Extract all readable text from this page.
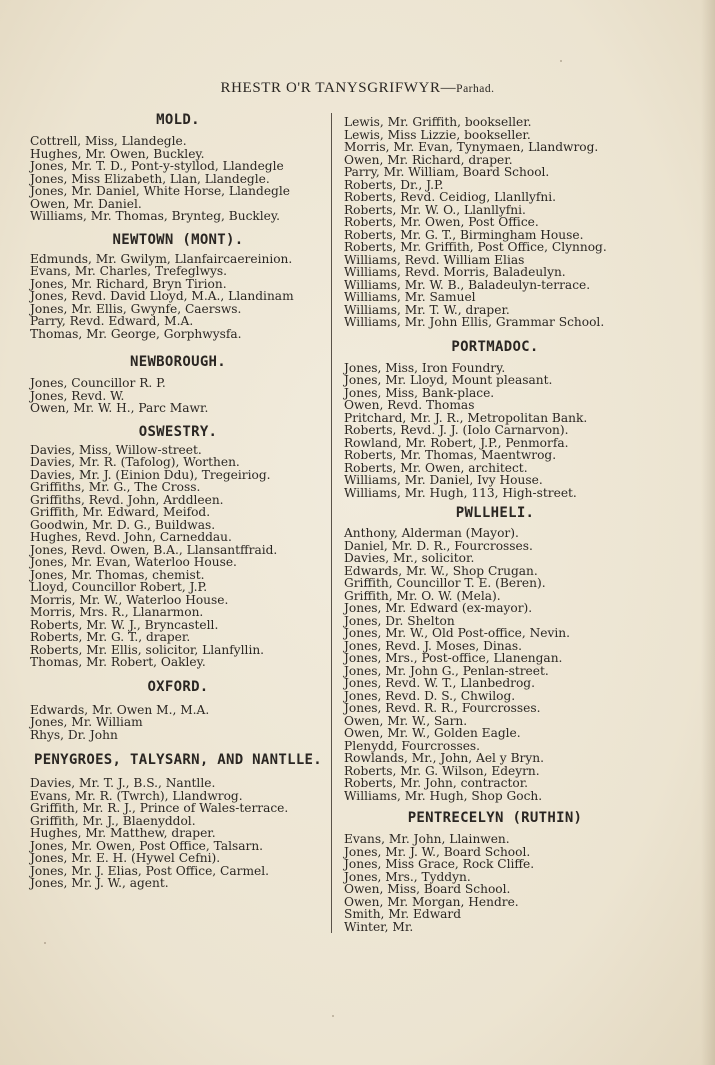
RHESTR O'R TANYSGRIFWYR—Parhad.
MOLD.
Cottrell, Miss, Llandegle.
Hughes, Mr. Owen, Buckley.
Jones, Mr. T. D., Pont-y-styllod, Llandegle
Jones, Miss Elizabeth, Llan, Llandegle.
Jones, Mr. Daniel, White Horse, Llandegle
Owen, Mr. Daniel.
Williams, Mr. Thomas, Brynteg, Buckley.
NEWTOWN (MONT).
Edmunds, Mr. Gwilym, Llanfaircaereinion.
Evans, Mr. Charles, Trefeglwys.
Jones, Mr. Richard, Bryn Tirion.
Jones, Revd. David Lloyd, M.A., Llandinam
Jones, Mr. Ellis, Gwynfe, Caersws.
Parry, Revd. Edward, M.A.
Thomas, Mr. George, Gorphwysfa.
NEWBOROUGH.
Jones, Councillor R. P.
Jones, Revd. W.
Owen, Mr. W. H., Parc Mawr.
OSWESTRY.
Davies, Miss, Willow-street.
Davies, Mr. R. (Tafolog), Worthen.
Davies, Mr. J. (Einion Ddu), Tregeiriog.
Griffiths, Mr. G., The Cross.
Griffiths, Revd. John, Arddleen.
Griffith, Mr. Edward, Meifod.
Goodwin, Mr. D. G., Buildwas.
Hughes, Revd. John, Carneddau.
Jones, Revd. Owen, B.A., Llansantffraid.
Jones, Mr. Evan, Waterloo House.
Jones, Mr. Thomas, chemist.
Lloyd, Councillor Robert, J.P.
Morris, Mr. W., Waterloo House.
Morris, Mrs. R., Llanarmon.
Roberts, Mr. W. J., Bryncastell.
Roberts, Mr. G. T., draper.
Roberts, Mr. Ellis, solicitor, Llanfyllin.
Thomas, Mr. Robert, Oakley.
OXFORD.
Edwards, Mr. Owen M., M.A.
Jones, Mr. William
Rhys, Dr. John
PENYGROES, TALYSARN, AND NANTLLE.
Davies, Mr. T. J., B.S., Nantlle.
Evans, Mr. R. (Twrch), Llandwrog.
Griffith, Mr. R. J., Prince of Wales-terrace.
Griffith, Mr. J., Blaenyddol.
Hughes, Mr. Matthew, draper.
Jones, Mr. Owen, Post Office, Talsarn.
Jones, Mr. E. H. (Hywel Cefni).
Jones, Mr. J. Elias, Post Office, Carmel.
Jones, Mr. J. W., agent.
Lewis, Mr. Griffith, bookseller.
Lewis, Miss Lizzie, bookseller.
Morris, Mr. Evan, Tynymaen, Llandwrog.
Owen, Mr. Richard, draper.
Parry, Mr. William, Board School.
Roberts, Dr., J.P.
Roberts, Revd. Ceidiog, Llanllyfni.
Roberts, Mr. W. O., Llanllyfni.
Roberts, Mr. Owen, Post Office.
Roberts, Mr. G. T., Birmingham House.
Roberts, Mr. Griffith, Post Office, Clynnog.
Williams, Revd. William Elias
Williams, Revd. Morris, Baladeulyn.
Williams, Mr. W. B., Baladeulyn-terrace.
Williams, Mr. Samuel
Williams, Mr. T. W., draper.
Williams, Mr. John Ellis, Grammar School.
PORTMADOC.
Jones, Miss, Iron Foundry.
Jones, Mr. Lloyd, Mount pleasant.
Jones, Miss, Bank-place.
Owen, Revd. Thomas
Pritchard, Mr. J. R., Metropolitan Bank.
Roberts, Revd. J. J. (Iolo Carnarvon).
Rowland, Mr. Robert, J.P., Penmorfa.
Roberts, Mr. Thomas, Maentwrog.
Roberts, Mr. Owen, architect.
Williams, Mr. Daniel, Ivy House.
Williams, Mr. Hugh, 113, High-street.
PWLLHELI.
Anthony, Alderman (Mayor).
Daniel, Mr. D. R., Fourcrosses.
Davies, Mr., solicitor.
Edwards, Mr. W., Shop Crugan.
Griffith, Councillor T. E. (Beren).
Griffith, Mr. O. W. (Mela).
Jones, Mr. Edward (ex-mayor).
Jones, Dr. Shelton
Jones, Mr. W., Old Post-office, Nevin.
Jones, Revd. J. Moses, Dinas.
Jones, Mrs., Post-office, Llanengan.
Jones, Mr. John G., Penlan-street.
Jones, Revd. W. T., Llanbedrog.
Jones, Revd. D. S., Chwilog.
Jones, Revd. R. R., Fourcrosses.
Owen, Mr. W., Sarn.
Owen, Mr. W., Golden Eagle.
Plenydd, Fourcrosses.
Rowlands, Mr., John, Ael y Bryn.
Roberts, Mr. G. Wilson, Edeyrn.
Roberts, Mr. John, contractor.
Williams, Mr. Hugh, Shop Goch.
PENTRECELYN (RUTHIN)
Evans, Mr. John, Llainwen.
Jones, Mr. J. W., Board School.
Jones, Miss Grace, Rock Cliffe.
Jones, Mrs., Tyddyn.
Owen, Miss, Board School.
Owen, Mr. Morgan, Hendre.
Smith, Mr. Edward
Winter, Mr.
